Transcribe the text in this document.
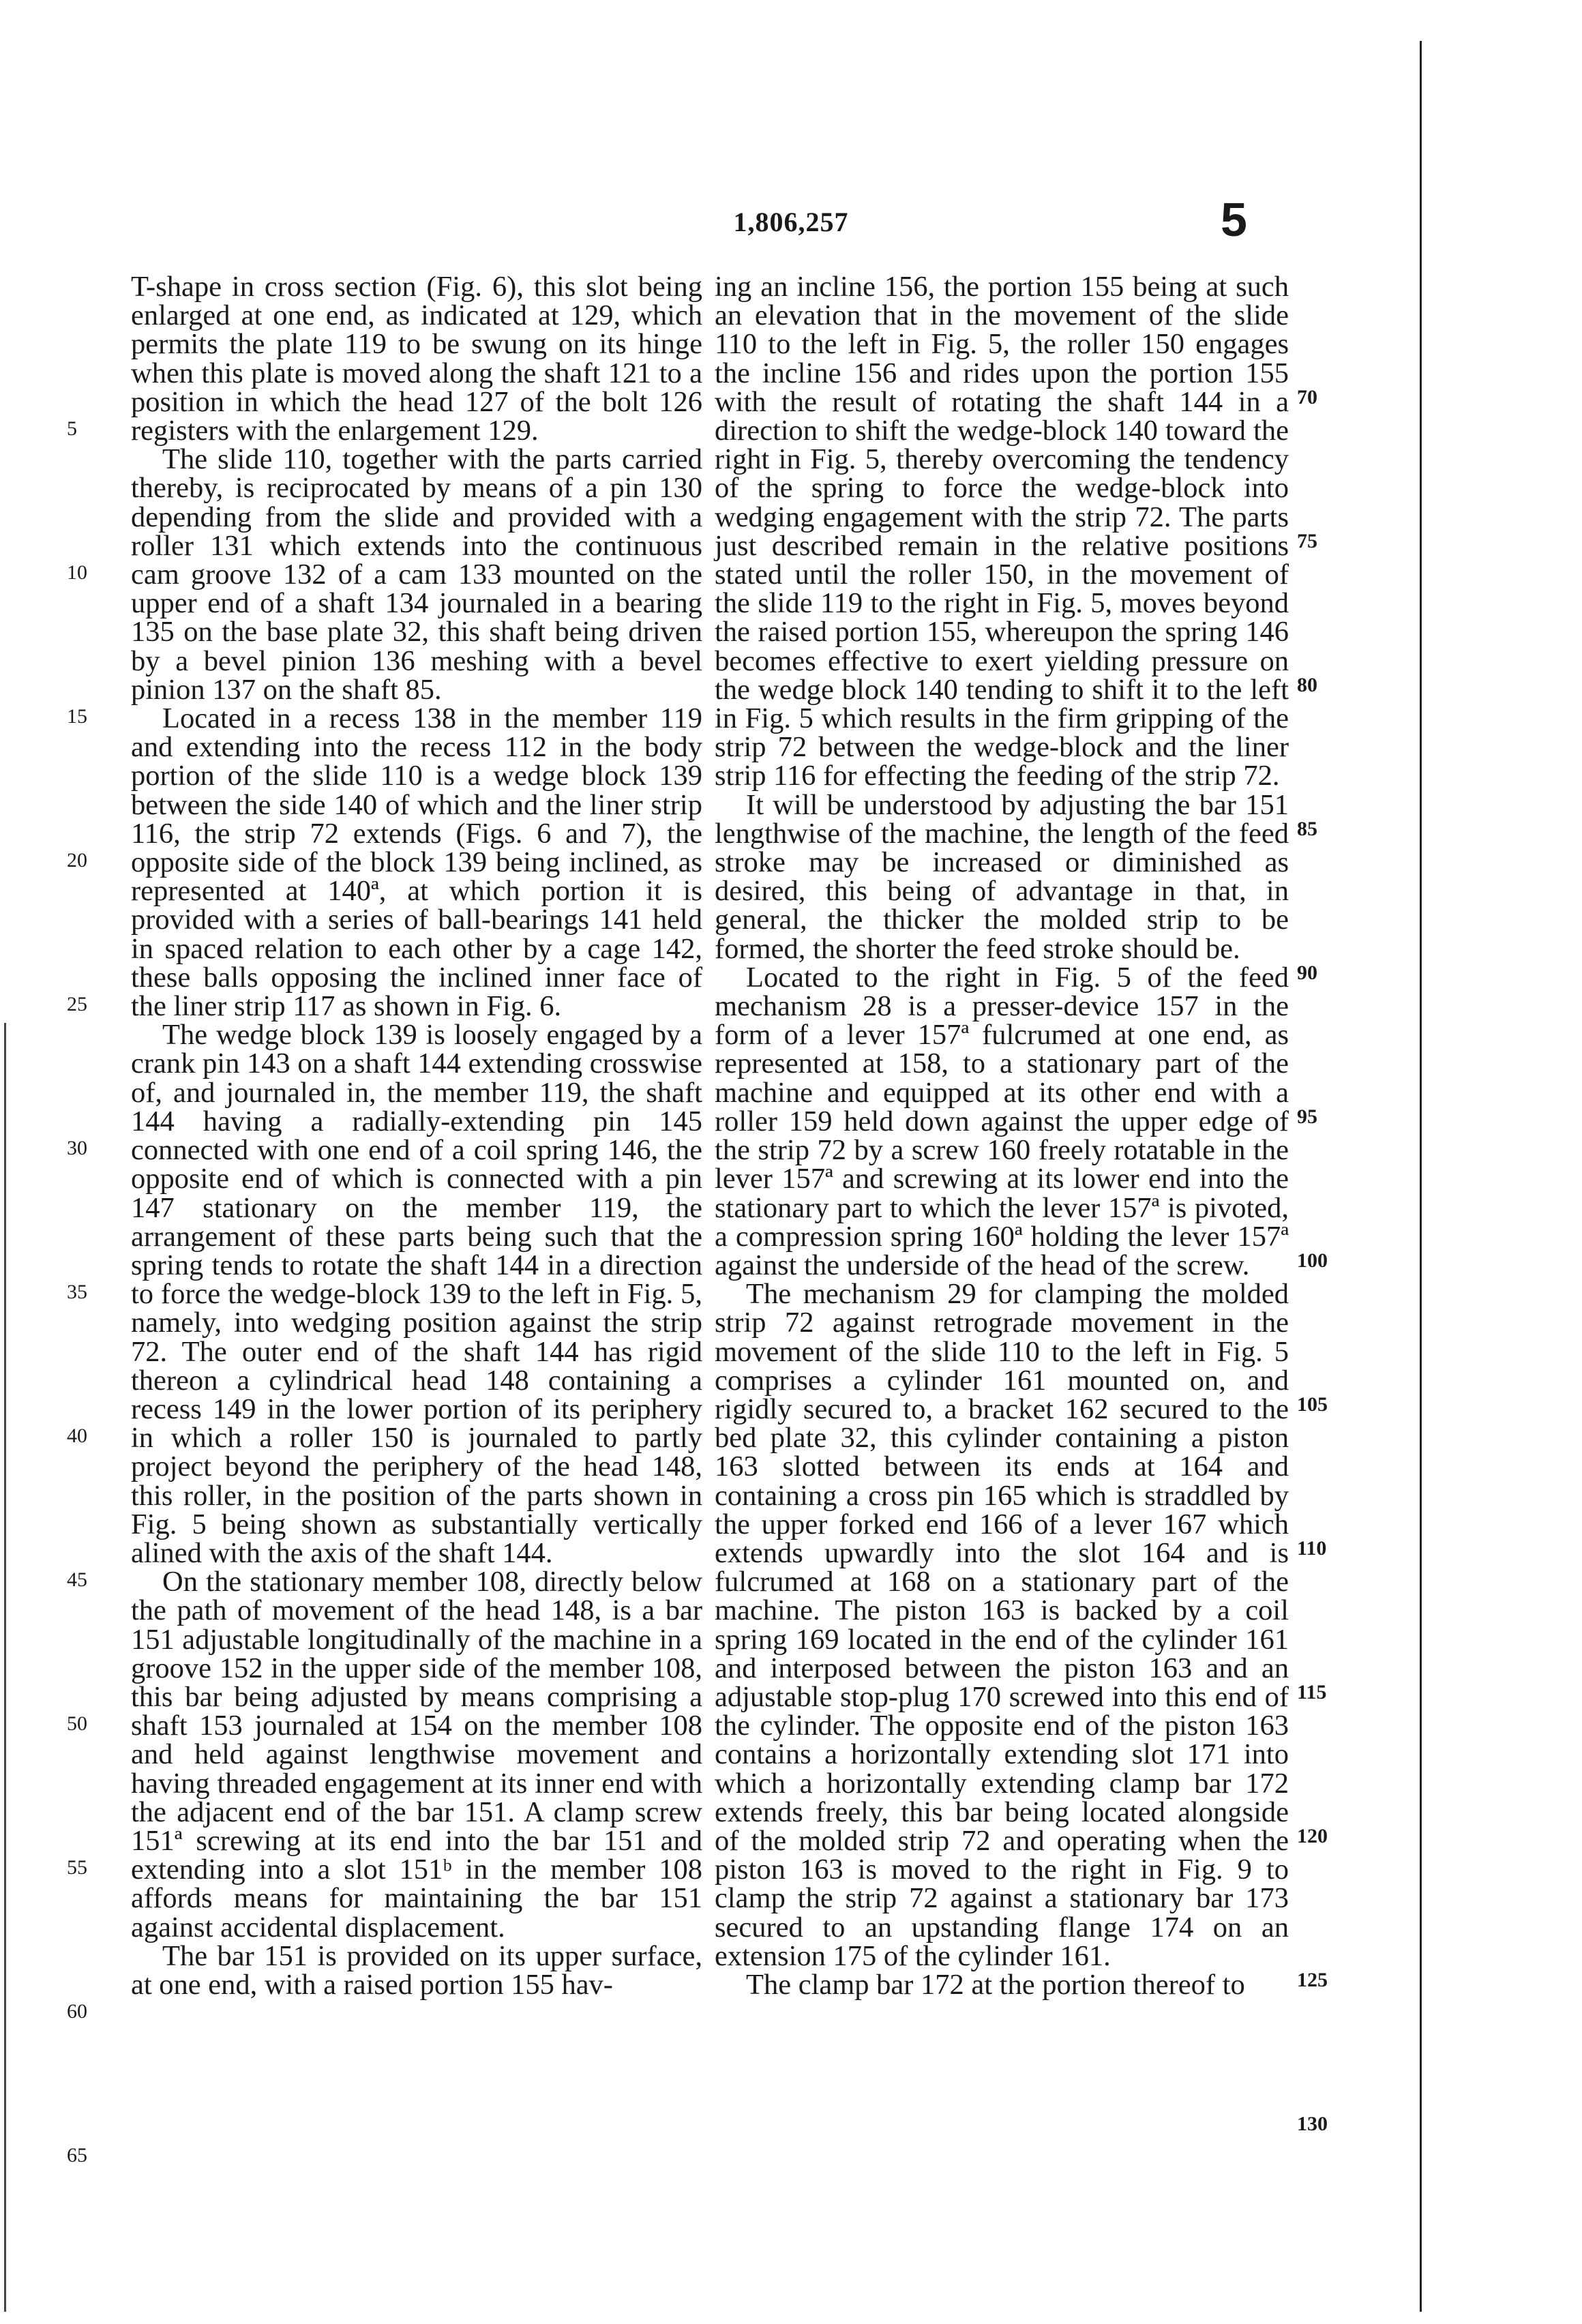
1,806,257	5

T-shape in cross section (Fig. 6), this slot being enlarged at one end, as indicated at 129, which permits the plate 119 to be swung on its hinge when this plate is moved along the shaft 121 to a position in which the head 127 of the bolt 126 registers with the enlargement 129.

The slide 110, together with the parts carried thereby, is reciprocated by means of a pin 130 depending from the slide and provided with a roller 131 which extends into the continuous cam groove 132 of a cam 133 mounted on the upper end of a shaft 134 journaled in a bearing 135 on the base plate 32, this shaft being driven by a bevel pinion 136 meshing with a bevel pinion 137 on the shaft 85.

Located in a recess 138 in the member 119 and extending into the recess 112 in the body portion of the slide 110 is a wedge block 139 between the side 140 of which and the liner strip 116, the strip 72 extends (Figs. 6 and 7), the opposite side of the block 139 being inclined, as represented at 140ª, at which portion it is provided with a series of ball-bearings 141 held in spaced relation to each other by a cage 142, these balls opposing the inclined inner face of the liner strip 117 as shown in Fig. 6.

The wedge block 139 is loosely engaged by a crank pin 143 on a shaft 144 extending crosswise of, and journaled in, the member 119, the shaft 144 having a radially-extending pin 145 connected with one end of a coil spring 146, the opposite end of which is connected with a pin 147 stationary on the member 119, the arrangement of these parts being such that the spring tends to rotate the shaft 144 in a direction to force the wedge-block 139 to the left in Fig. 5, namely, into wedging position against the strip 72. The outer end of the shaft 144 has rigid thereon a cylindrical head 148 containing a recess 149 in the lower portion of its periphery in which a roller 150 is journaled to partly project beyond the periphery of the head 148, this roller, in the position of the parts shown in Fig. 5 being shown as substantially vertically alined with the axis of the shaft 144.

On the stationary member 108, directly below the path of movement of the head 148, is a bar 151 adjustable longitudinally of the machine in a groove 152 in the upper side of the member 108, this bar being adjusted by means comprising a shaft 153 journaled at 154 on the member 108 and held against lengthwise movement and having threaded engagement at its inner end with the adjacent end of the bar 151. A clamp screw 151ª screwing at its end into the bar 151 and extending into a slot 151ᵇ in the member 108 affords means for maintaining the bar 151 against accidental displacement.

The bar 151 is provided on its upper surface, at one end, with a raised portion 155 hav-

ing an incline 156, the portion 155 being at such an elevation that in the movement of the slide 110 to the left in Fig. 5, the roller 150 engages the incline 156 and rides upon the portion 155 with the result of rotating the shaft 144 in a direction to shift the wedge-block 140 toward the right in Fig. 5, thereby overcoming the tendency of the spring to force the wedge-block into wedging engagement with the strip 72. The parts just described remain in the relative positions stated until the roller 150, in the movement of the slide 119 to the right in Fig. 5, moves beyond the raised portion 155, whereupon the spring 146 becomes effective to exert yielding pressure on the wedge block 140 tending to shift it to the left in Fig. 5 which results in the firm gripping of the strip 72 between the wedge-block and the liner strip 116 for effecting the feeding of the strip 72.

It will be understood by adjusting the bar 151 lengthwise of the machine, the length of the feed stroke may be increased or diminished as desired, this being of advantage in that, in general, the thicker the molded strip to be formed, the shorter the feed stroke should be.

Located to the right in Fig. 5 of the feed mechanism 28 is a presser-device 157 in the form of a lever 157ª fulcrumed at one end, as represented at 158, to a stationary part of the machine and equipped at its other end with a roller 159 held down against the upper edge of the strip 72 by a screw 160 freely rotatable in the lever 157ª and screwing at its lower end into the stationary part to which the lever 157ª is pivoted, a compression spring 160ª holding the lever 157ª against the underside of the head of the screw.

The mechanism 29 for clamping the molded strip 72 against retrograde movement in the movement of the slide 110 to the left in Fig. 5 comprises a cylinder 161 mounted on, and rigidly secured to, a bracket 162 secured to the bed plate 32, this cylinder containing a piston 163 slotted between its ends at 164 and containing a cross pin 165 which is straddled by the upper forked end 166 of a lever 167 which extends upwardly into the slot 164 and is fulcrumed at 168 on a stationary part of the machine. The piston 163 is backed by a coil spring 169 located in the end of the cylinder 161 and interposed between the piston 163 and an adjustable stop-plug 170 screwed into this end of the cylinder. The opposite end of the piston 163 contains a horizontally extending slot 171 into which a horizontally extending clamp bar 172 extends freely, this bar being located alongside of the molded strip 72 and operating when the piston 163 is moved to the right in Fig. 9 to clamp the strip 72 against a stationary bar 173 secured to an upstanding flange 174 on an extension 175 of the cylinder 161.

The clamp bar 172 at the portion thereof to

5
10
15
20
25
30
35
40
45
50
55
60
65
70
75
80
85
90
95
100
105
110
115
120
125
130
